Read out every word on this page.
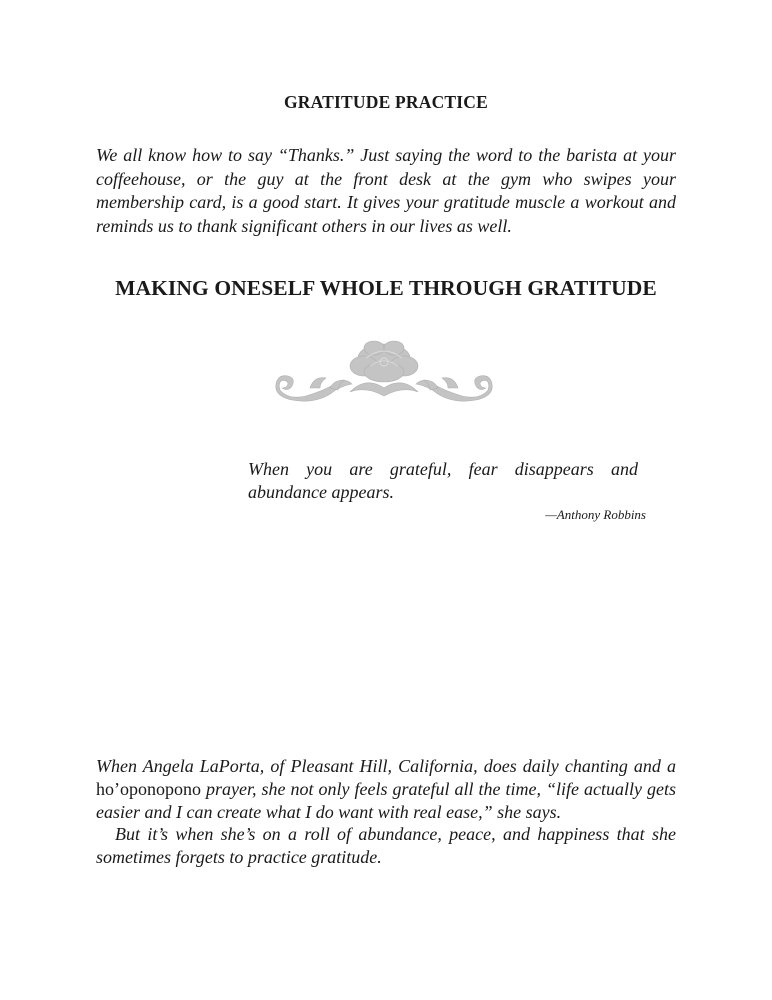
GRATITUDE PRACTICE

We all know how to say “Thanks.” Just saying the word to the barista at your coffeehouse, or the guy at the front desk at the gym who swipes your membership card, is a good start. It gives your gratitude muscle a workout and reminds us to thank significant others in our lives as well.

MAKING ONESELF WHOLE THROUGH GRATITUDE

When you are grateful, fear disappears and abundance appears.

—Anthony Robbins

When Angela LaPorta, of Pleasant Hill, California, does daily chanting and a ho’oponopono prayer, she not only feels grateful all the time, “life actually gets easier and I can create what I do want with real ease,” she says.

But it’s when she’s on a roll of abundance, peace, and happiness that she sometimes forgets to practice gratitude.
